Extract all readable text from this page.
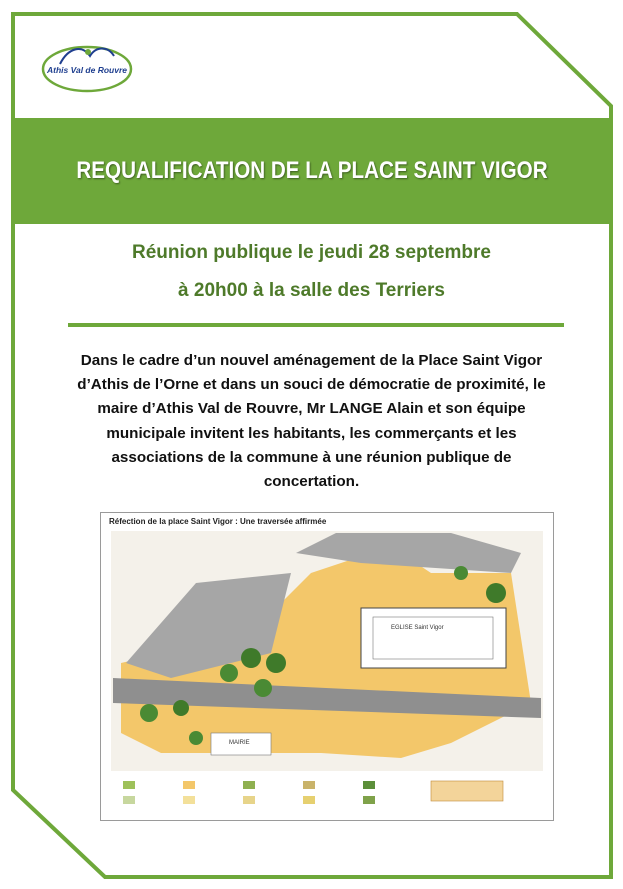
Athis Val de Rouvre
REQUALIFICATION DE LA PLACE SAINT VIGOR
Réunion publique le jeudi 28 septembre
à 20h00 à la salle des Terriers
Dans le cadre d’un nouvel aménagement de la Place Saint Vigor
d’Athis de l’Orne et dans un souci de démocratie de proximité, le
maire d’Athis Val de Rouvre, Mr LANGE Alain et son équipe
municipale invitent les habitants, les commerçants et les
associations de la commune à une réunion publique de
concertation.
Réfection de la place Saint Vigor : Une traversée affirmée
EGLISE Saint Vigor
MAIRIE
